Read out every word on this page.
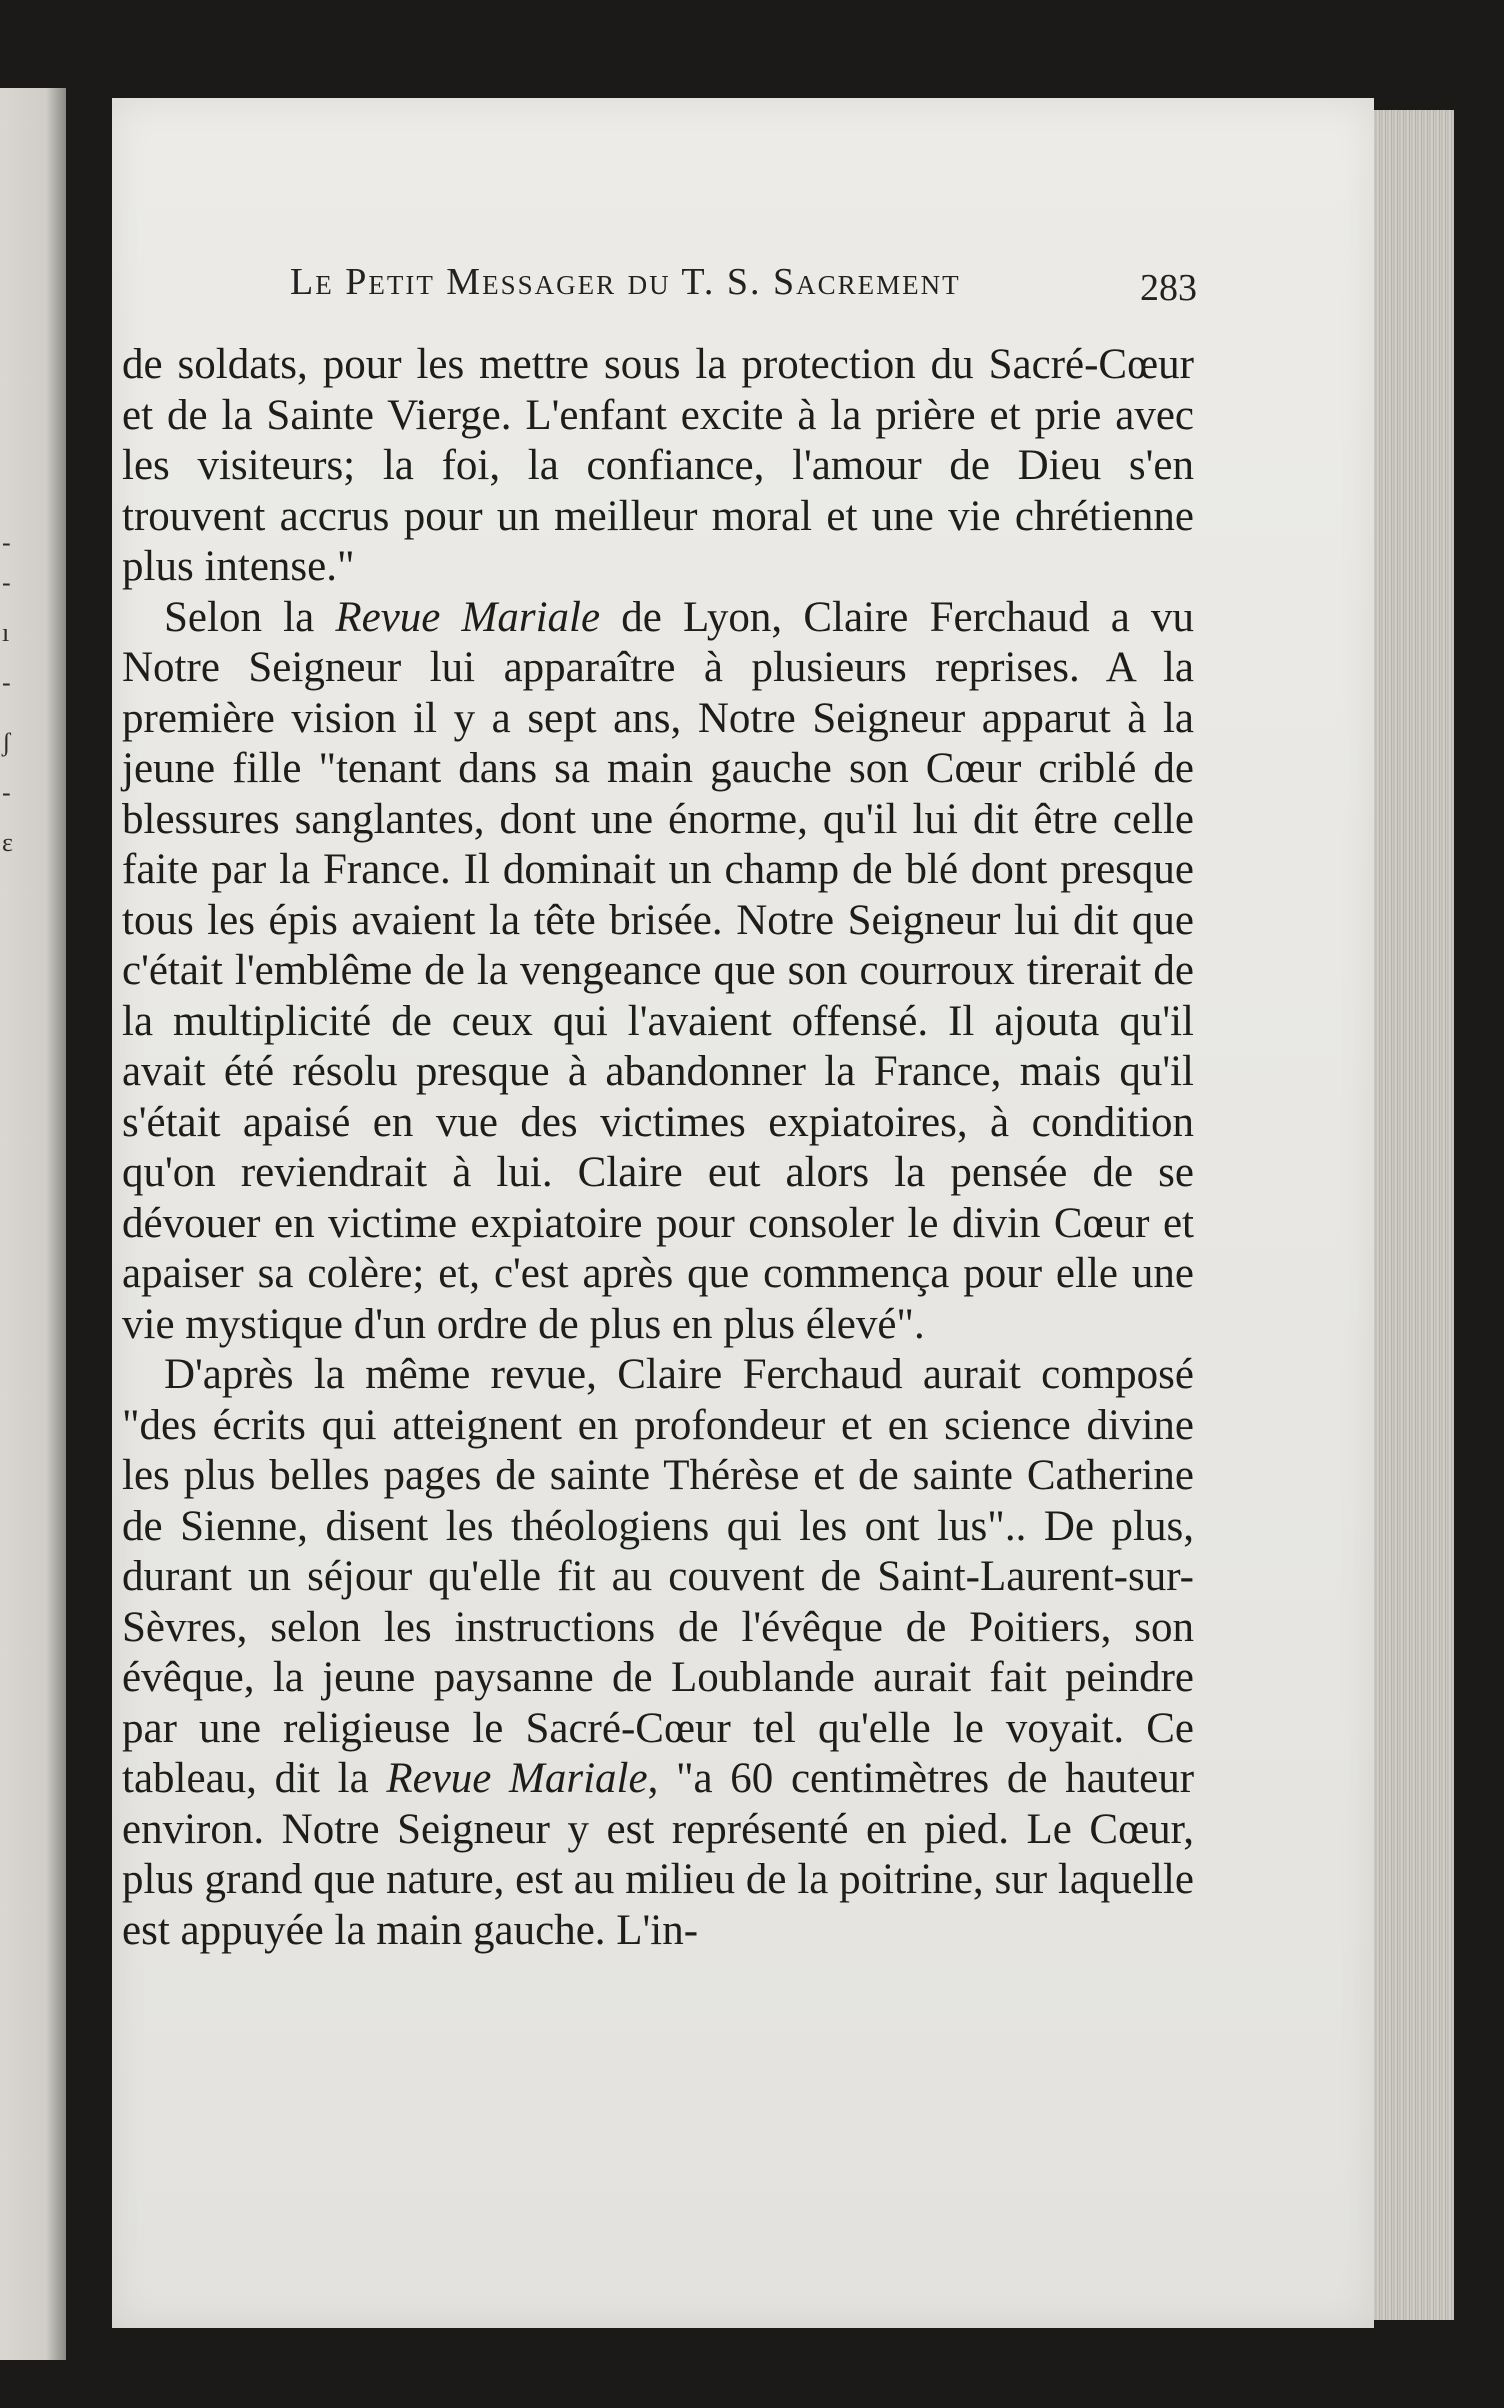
-
-
ı
-
ʃ
-
ɛ
Le Petit Messager du T. S. Sacrement	283

de soldats, pour les mettre sous la protection du Sacré-Cœur et de la Sainte Vierge. L'enfant excite à la prière et prie avec les visiteurs; la foi, la confiance, l'amour de Dieu s'en trouvent accrus pour un meilleur moral et une vie chrétienne plus intense."

Selon la Revue Mariale de Lyon, Claire Ferchaud a vu Notre Seigneur lui apparaître à plusieurs reprises. A la première vision il y a sept ans, Notre Seigneur apparut à la jeune fille "tenant dans sa main gauche son Cœur criblé de blessures sanglantes, dont une énorme, qu'il lui dit être celle faite par la France. Il dominait un champ de blé dont presque tous les épis avaient la tête brisée. Notre Seigneur lui dit que c'était l'emblême de la vengeance que son courroux tirerait de la multiplicité de ceux qui l'avaient offensé. Il ajouta qu'il avait été résolu presque à abandonner la France, mais qu'il s'était apaisé en vue des victimes expiatoires, à condition qu'on reviendrait à lui. Claire eut alors la pensée de se dévouer en victime expiatoire pour consoler le divin Cœur et apaiser sa colère; et, c'est après que commença pour elle une vie mystique d'un ordre de plus en plus élevé".

D'après la même revue, Claire Ferchaud aurait composé "des écrits qui atteignent en profondeur et en science divine les plus belles pages de sainte Thérèse et de sainte Catherine de Sienne, disent les théologiens qui les ont lus".. De plus, durant un séjour qu'elle fit au couvent de Saint-Laurent-sur-Sèvres, selon les instructions de l'évêque de Poitiers, son évêque, la jeune paysanne de Loublande aurait fait peindre par une religieuse le Sacré-Cœur tel qu'elle le voyait. Ce tableau, dit la Revue Mariale, "a 60 centimètres de hauteur environ. Notre Seigneur y est représenté en pied. Le Cœur, plus grand que nature, est au milieu de la poitrine, sur laquelle est appuyée la main gauche. L'in-
